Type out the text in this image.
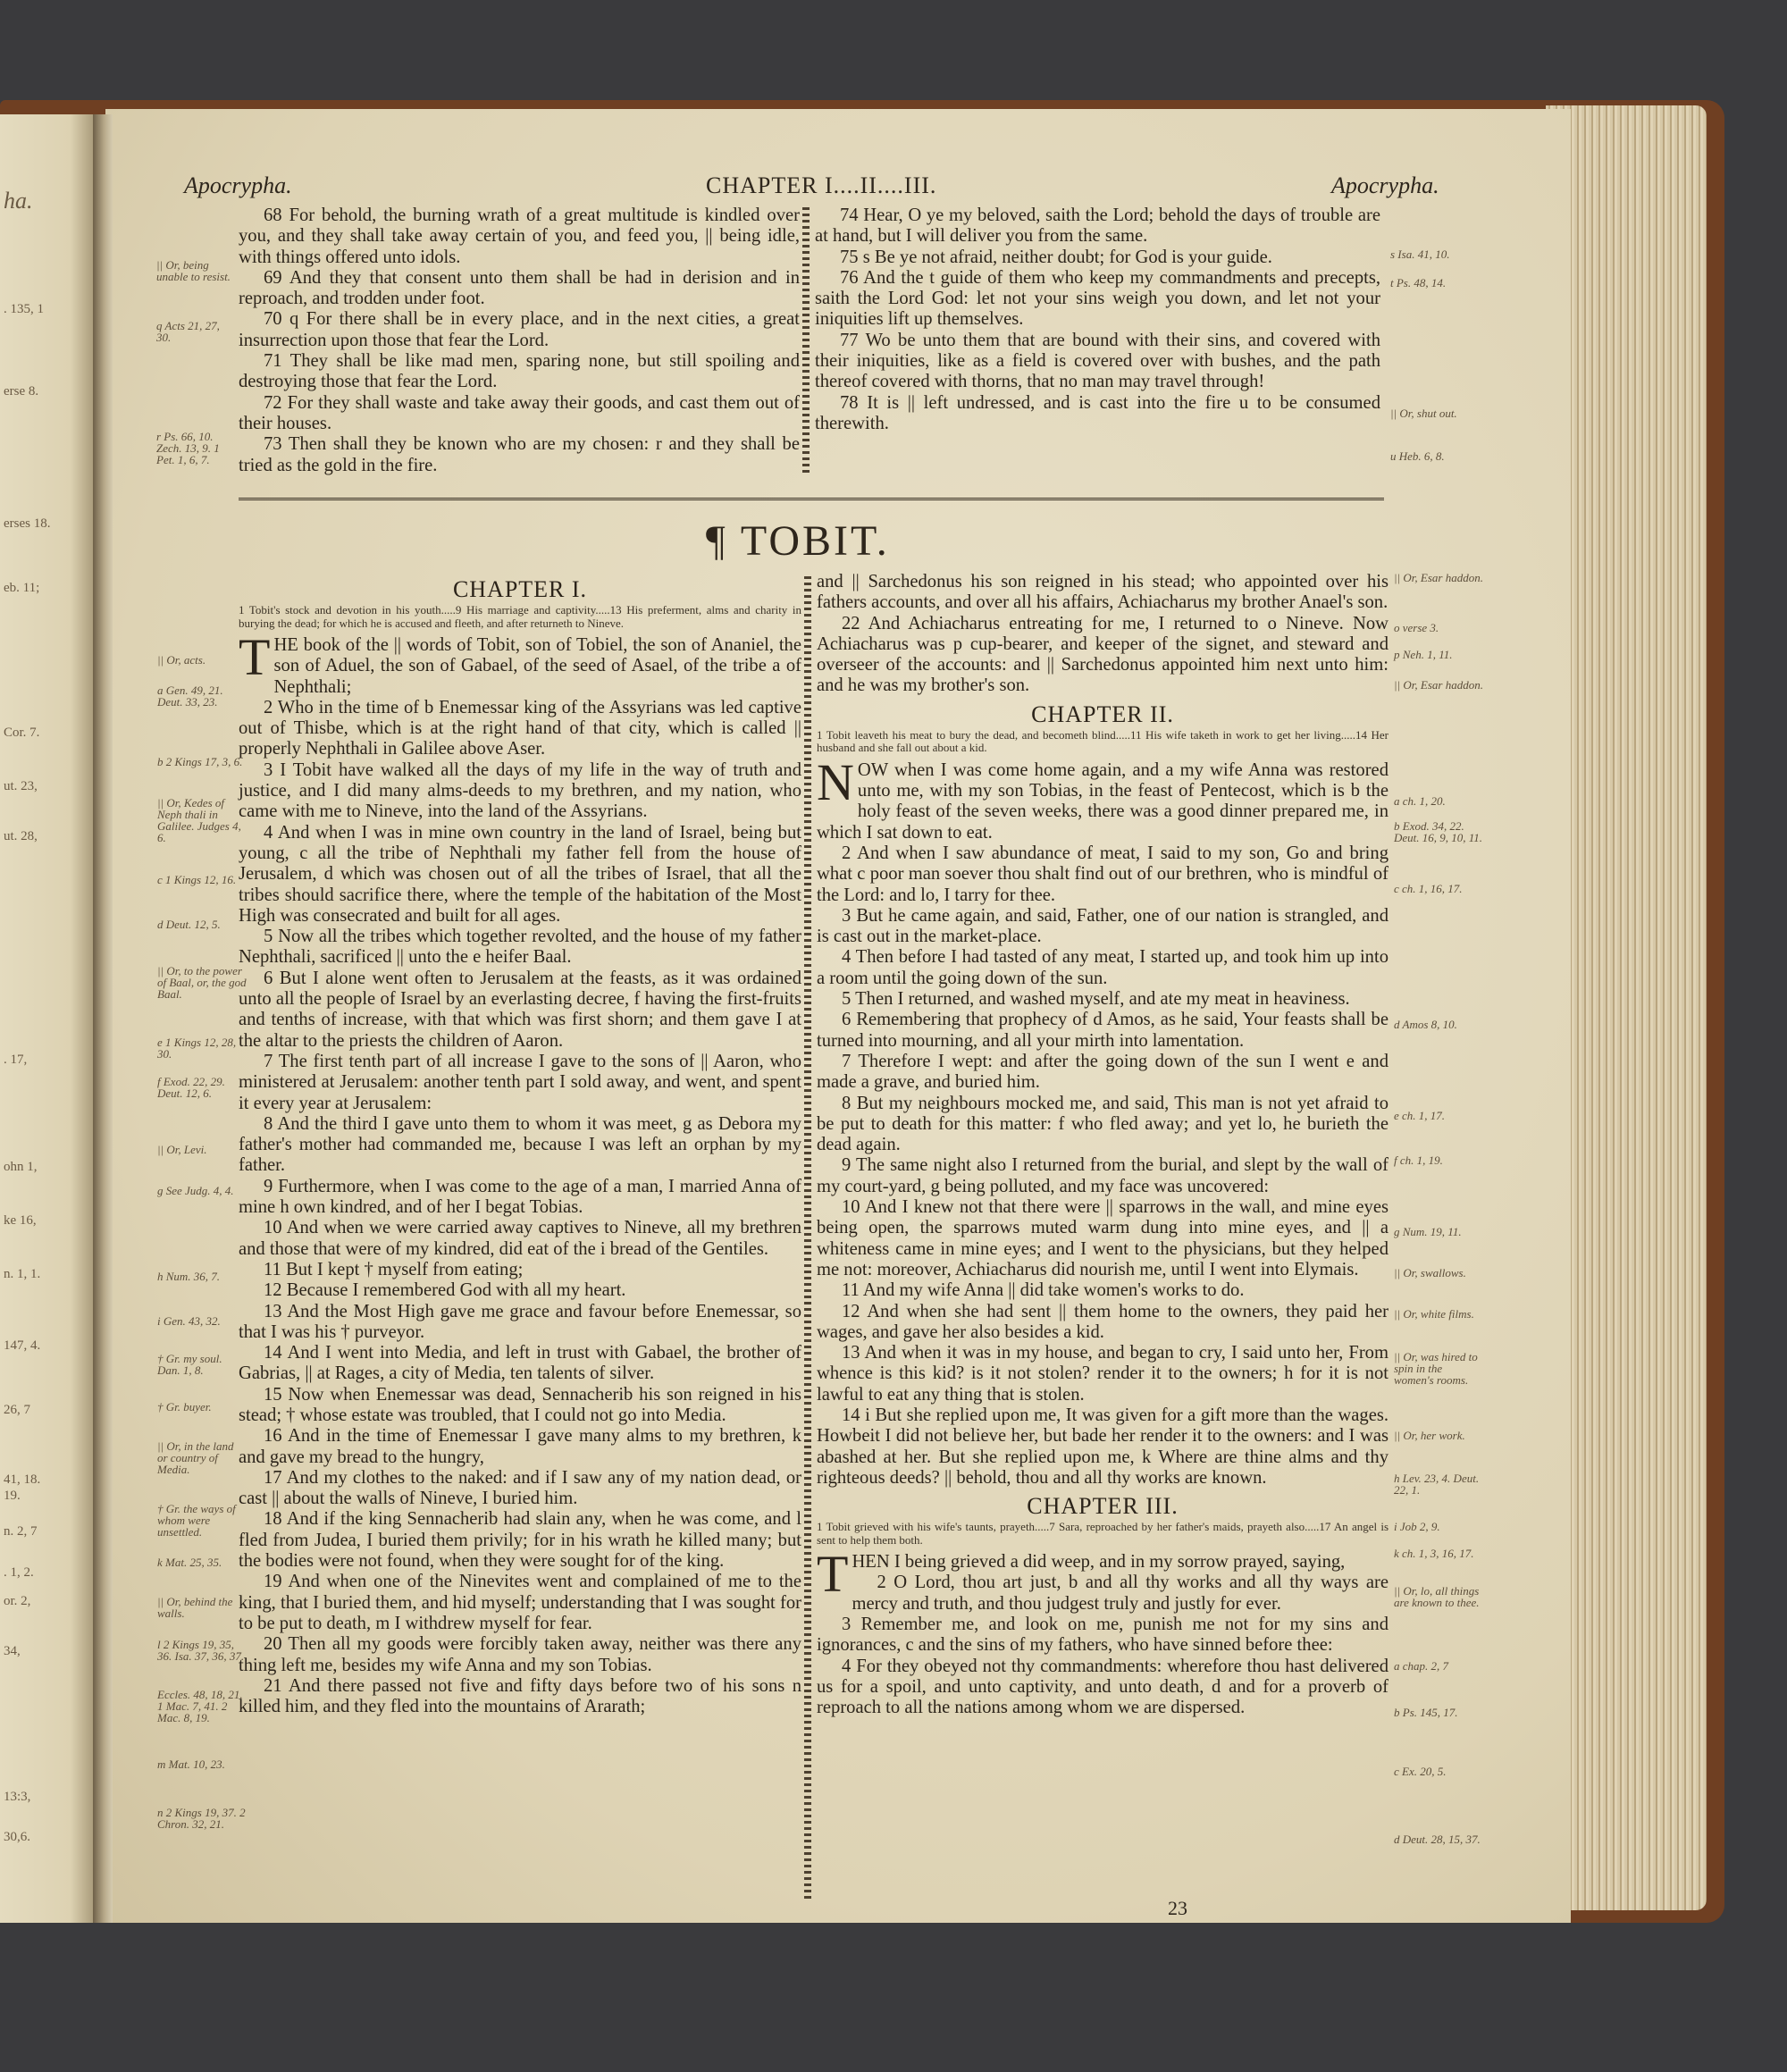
ha.
. 135, 1
erse 8.
erses 18.
eb. 11;
Cor. 7.
ut. 23,
ut. 28,
. 17,
ohn 1,
ke 16,
n. 1, 1.
147, 4.
26, 7
41, 18.
19.
n. 2, 7
. 1, 2.
or. 2,
34,
13:3,
30,6.
Apocrypha.	CHAPTER I....II....III.	Apocrypha.
|| Or, being unable to resist.
q Acts 21, 27, 30.
r Ps. 66, 10. Zech. 13, 9. 1 Pet. 1, 6, 7.

68 For behold, the burning wrath of a great multitude is kindled over you, and they shall take away certain of you, and feed you, || being idle, with things offered unto idols.

69 And they that consent unto them shall be had in derision and in reproach, and trodden under foot.

70 q For there shall be in every place, and in the next cities, a great insurrection upon those that fear the Lord.

71 They shall be like mad men, sparing none, but still spoiling and destroying those that fear the Lord.

72 For they shall waste and take away their goods, and cast them out of their houses.

73 Then shall they be known who are my chosen: r and they shall be tried as the gold in the fire.

74 Hear, O ye my beloved, saith the Lord; behold the days of trouble are at hand, but I will deliver you from the same.

75 s Be ye not afraid, neither doubt; for God is your guide.

76 And the t guide of them who keep my commandments and precepts, saith the Lord God: let not your sins weigh you down, and let not your iniquities lift up themselves.

77 Wo be unto them that are bound with their sins, and covered with their iniquities, like as a field is covered over with bushes, and the path thereof covered with thorns, that no man may travel through!

78 It is || left undressed, and is cast into the fire u to be consumed therewith.

s Isa. 41, 10.
t Ps. 48, 14.
|| Or, shut out.
u Heb. 6, 8.
¶ TOBIT.
|| Or, acts.
a Gen. 49, 21. Deut. 33, 23.
b 2 Kings 17, 3, 6.
|| Or, Kedes of Neph thali in Galilee. Judges 4, 6.
c 1 Kings 12, 16.
d Deut. 12, 5.
|| Or, to the power of Baal, or, the god Baal.
e 1 Kings 12, 28, 30.
f Exod. 22, 29. Deut. 12, 6.
|| Or, Levi.
g See Judg. 4, 4.
h Num. 36, 7.
i Gen. 43, 32.
† Gr. my soul. Dan. 1, 8.
† Gr. buyer.
|| Or, in the land or country of Media.
† Gr. the ways of whom were unsettled.
k Mat. 25, 35.
|| Or, behind the walls.
l 2 Kings 19, 35, 36. Isa. 37, 36, 37.
Eccles. 48, 18, 21. 1 Mac. 7, 41. 2 Mac. 8, 19.
m Mat. 10, 23.
n 2 Kings 19, 37. 2 Chron. 32, 21.
CHAPTER I.

1 Tobit's stock and devotion in his youth.....9 His marriage and captivity.....13 His preferment, alms and charity in burying the dead; for which he is accused and fleeth, and after returneth to Nineve.

THE book of the || words of Tobit, son of Tobiel, the son of Ananiel, the son of Aduel, the son of Gabael, of the seed of Asael, of the tribe a of Nephthali;

2 Who in the time of b Enemessar king of the Assyrians was led captive out of Thisbe, which is at the right hand of that city, which is called || properly Nephthali in Galilee above Aser.

3 I Tobit have walked all the days of my life in the way of truth and justice, and I did many alms-deeds to my brethren, and my nation, who came with me to Nineve, into the land of the Assyrians.

4 And when I was in mine own country in the land of Israel, being but young, c all the tribe of Nephthali my father fell from the house of Jerusalem, d which was chosen out of all the tribes of Israel, that all the tribes should sacrifice there, where the temple of the habitation of the Most High was consecrated and built for all ages.

5 Now all the tribes which together revolted, and the house of my father Nephthali, sacrificed || unto the e heifer Baal.

6 But I alone went often to Jerusalem at the feasts, as it was ordained unto all the people of Israel by an everlasting decree, f having the first-fruits and tenths of increase, with that which was first shorn; and them gave I at the altar to the priests the children of Aaron.

7 The first tenth part of all increase I gave to the sons of || Aaron, who ministered at Jerusalem: another tenth part I sold away, and went, and spent it every year at Jerusalem:

8 And the third I gave unto them to whom it was meet, g as Debora my father's mother had commanded me, because I was left an orphan by my father.

9 Furthermore, when I was come to the age of a man, I married Anna of mine h own kindred, and of her I begat Tobias.

10 And when we were carried away captives to Nineve, all my brethren and those that were of my kindred, did eat of the i bread of the Gentiles.

11 But I kept † myself from eating;

12 Because I remembered God with all my heart.

13 And the Most High gave me grace and favour before Enemessar, so that I was his † purveyor.

14 And I went into Media, and left in trust with Gabael, the brother of Gabrias, || at Rages, a city of Media, ten talents of silver.

15 Now when Enemessar was dead, Sennacherib his son reigned in his stead; † whose estate was troubled, that I could not go into Media.

16 And in the time of Enemessar I gave many alms to my brethren, k and gave my bread to the hungry,

17 And my clothes to the naked: and if I saw any of my nation dead, or cast || about the walls of Nineve, I buried him.

18 And if the king Sennacherib had slain any, when he was come, and l fled from Judea, I buried them privily; for in his wrath he killed many; but the bodies were not found, when they were sought for of the king.

19 And when one of the Ninevites went and complained of me to the king, that I buried them, and hid myself; understanding that I was sought for to be put to death, m I withdrew myself for fear.

20 Then all my goods were forcibly taken away, neither was there any thing left me, besides my wife Anna and my son Tobias.

21 And there passed not five and fifty days before two of his sons n killed him, and they fled into the mountains of Ararath;

and || Sarchedonus his son reigned in his stead; who appointed over his fathers accounts, and over all his affairs, Achiacharus my brother Anael's son.

22 And Achiacharus entreating for me, I returned to o Nineve. Now Achiacharus was p cup-bearer, and keeper of the signet, and steward and overseer of the accounts: and || Sarchedonus appointed him next unto him: and he was my brother's son.

CHAPTER II.

1 Tobit leaveth his meat to bury the dead, and becometh blind.....11 His wife taketh in work to get her living.....14 Her husband and she fall out about a kid.

NOW when I was come home again, and a my wife Anna was restored unto me, with my son Tobias, in the feast of Pentecost, which is b the holy feast of the seven weeks, there was a good dinner prepared me, in which I sat down to eat.

2 And when I saw abundance of meat, I said to my son, Go and bring what c poor man soever thou shalt find out of our brethren, who is mindful of the Lord: and lo, I tarry for thee.

3 But he came again, and said, Father, one of our nation is strangled, and is cast out in the market-place.

4 Then before I had tasted of any meat, I started up, and took him up into a room until the going down of the sun.

5 Then I returned, and washed myself, and ate my meat in heaviness.

6 Remembering that prophecy of d Amos, as he said, Your feasts shall be turned into mourning, and all your mirth into lamentation.

7 Therefore I wept: and after the going down of the sun I went e and made a grave, and buried him.

8 But my neighbours mocked me, and said, This man is not yet afraid to be put to death for this matter: f who fled away; and yet lo, he burieth the dead again.

9 The same night also I returned from the burial, and slept by the wall of my court-yard, g being polluted, and my face was uncovered:

10 And I knew not that there were || sparrows in the wall, and mine eyes being open, the sparrows muted warm dung into mine eyes, and || a whiteness came in mine eyes; and I went to the physicians, but they helped me not: moreover, Achiacharus did nourish me, until I went into Elymais.

11 And my wife Anna || did take women's works to do.

12 And when she had sent || them home to the owners, they paid her wages, and gave her also besides a kid.

13 And when it was in my house, and began to cry, I said unto her, From whence is this kid? is it not stolen? render it to the owners; h for it is not lawful to eat any thing that is stolen.

14 i But she replied upon me, It was given for a gift more than the wages. Howbeit I did not believe her, but bade her render it to the owners: and I was abashed at her. But she replied upon me, k Where are thine alms and thy righteous deeds? || behold, thou and all thy works are known.

CHAPTER III.

1 Tobit grieved with his wife's taunts, prayeth.....7 Sara, reproached by her father's maids, prayeth also.....17 An angel is sent to help them both.

THEN I being grieved a did weep, and in my sorrow prayed, saying,

2 O Lord, thou art just, b and all thy works and all thy ways are mercy and truth, and thou judgest truly and justly for ever.

3 Remember me, and look on me, punish me not for my sins and ignorances, c and the sins of my fathers, who have sinned before thee:

4 For they obeyed not thy commandments: wherefore thou hast delivered us for a spoil, and unto captivity, and unto death, d and for a proverb of reproach to all the nations among whom we are dispersed.

|| Or, Esar haddon.
o verse 3.
p Neh. 1, 11.
|| Or, Esar haddon.
a ch. 1, 20.
b Exod. 34, 22. Deut. 16, 9, 10, 11.
c ch. 1, 16, 17.
d Amos 8, 10.
e ch. 1, 17.
f ch. 1, 19.
g Num. 19, 11.
|| Or, swallows.
|| Or, white films.
|| Or, was hired to spin in the women's rooms.
|| Or, her work.
h Lev. 23, 4. Deut. 22, 1.
i Job 2, 9.
k ch. 1, 3, 16, 17.
|| Or, lo, all things are known to thee.
a chap. 2, 7
b Ps. 145, 17.
c Ex. 20, 5.
d Deut. 28, 15, 37.
23
